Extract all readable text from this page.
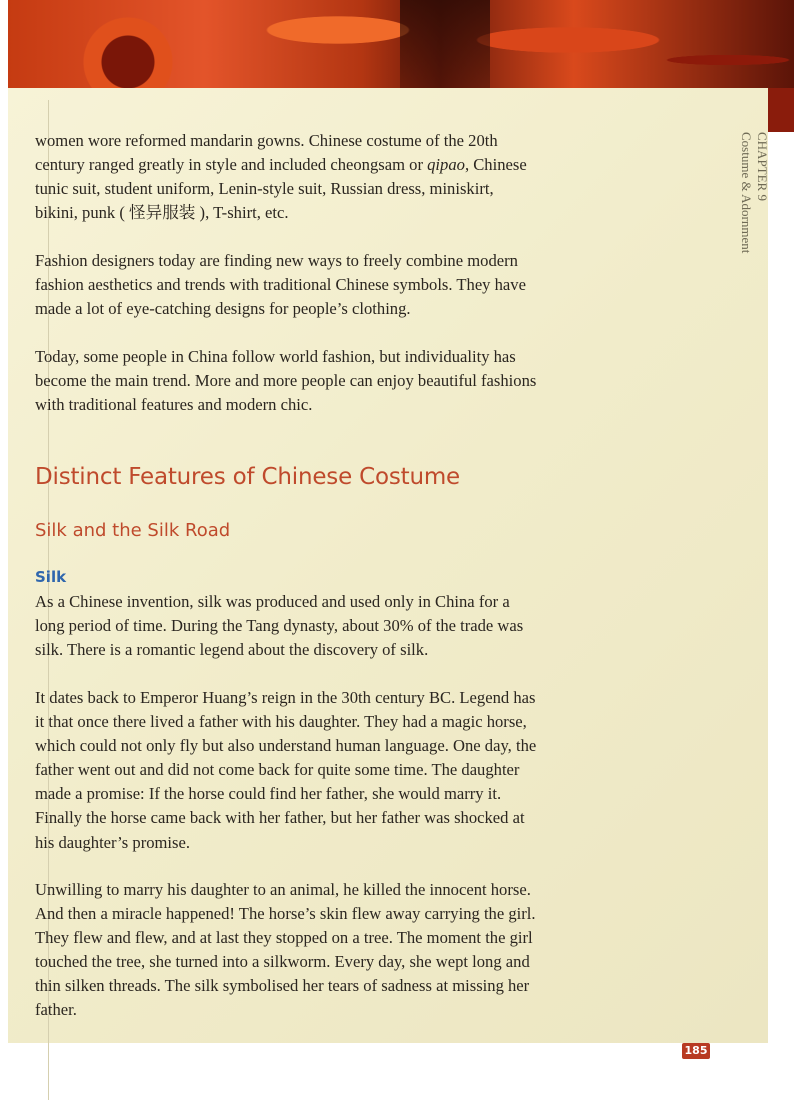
CHAPTER 9
Costume & Adornment

women wore reformed mandarin gowns. Chinese costume of the 20th century ranged greatly in style and included cheongsam or qipao, Chinese tunic suit, student uniform, Lenin-style suit, Russian dress, miniskirt, bikini, punk ( 怪异服装 ), T-shirt, etc.

Fashion designers today are finding new ways to freely combine modern fashion aesthetics and trends with traditional Chinese symbols. They have made a lot of eye-catching designs for people’s clothing.

Today, some people in China follow world fashion, but individuality has become the main trend. More and more people can enjoy beautiful fashions with traditional features and modern chic.

Distinct Features of Chinese Costume
Silk and the Silk Road
Silk

As a Chinese invention, silk was produced and used only in China for a long period of time. During the Tang dynasty, about 30% of the trade was silk. There is a romantic legend about the discovery of silk.

It dates back to Emperor Huang’s reign in the 30th century BC. Legend has it that once there lived a father with his daughter. They had a magic horse, which could not only fly but also understand human language. One day, the father went out and did not come back for quite some time. The daughter made a promise: If the horse could find her father, she would marry it. Finally the horse came back with her father, but her father was shocked at his daughter’s promise.

Unwilling to marry his daughter to an animal, he killed the innocent horse. And then a miracle happened! The horse’s skin flew away carrying the girl. They flew and flew, and at last they stopped on a tree. The moment the girl touched the tree, she turned into a silkworm. Every day, she wept long and thin silken threads. The silk symbolised her tears of sadness at missing her father.

185
